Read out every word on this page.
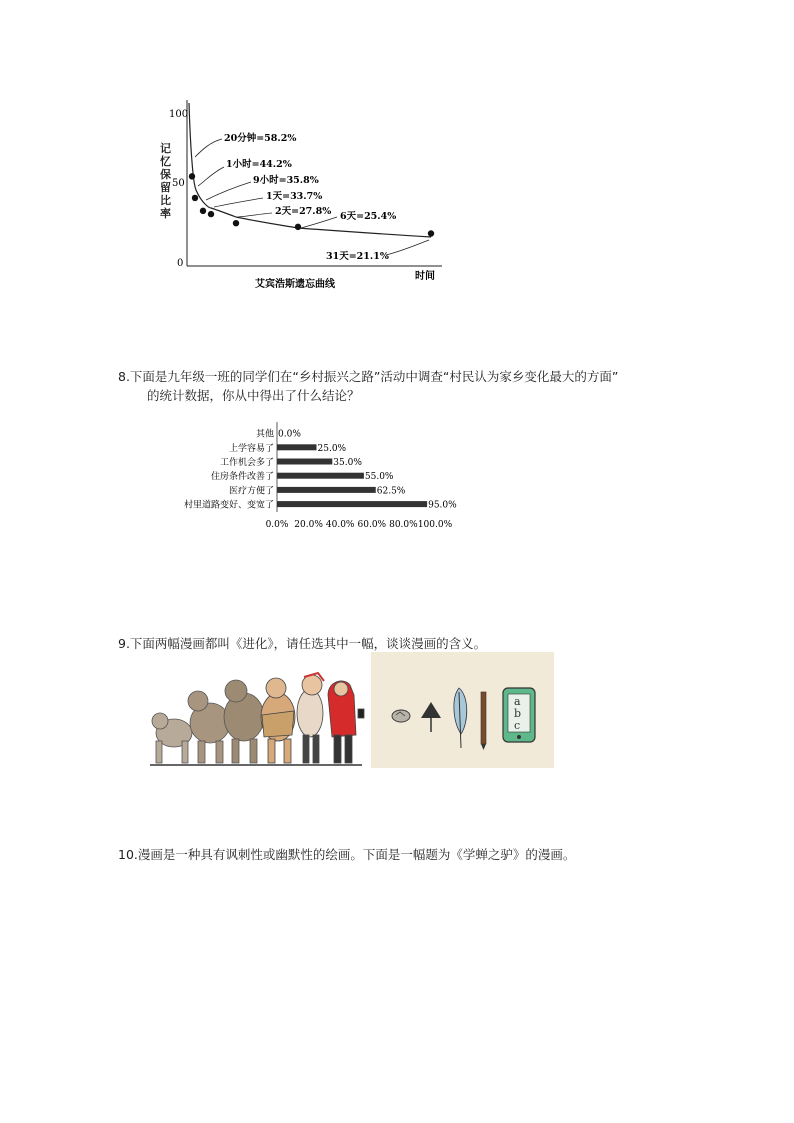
100
50
0
20分钟=58.2%
1小时=44.2%
9小时=35.8%
1天=33.7%
2天=27.8% 6天=25.4%
31天=21.1%
时间
艾宾浩斯遗忘曲线
记忆保留比率
8.下面是九年级一班的同学们在“乡村振兴之路”活动中调查“村民认为家乡变化最大的方面”
的统计数据，你从中得出了什么结论？
其他 0.0%
上学容易了	25.0%
工作机会多了	35.0%
住房条件改善了	55.0%
医疗方便了	62.5%
村里道路变好、变宽了	95.0%
0.0% 20.0% 40.0% 60.0% 80.0% 100.0%
9.下面两幅漫画都叫《进化》，请任选其中一幅，谈谈漫画的含义。
a
b
c
10.漫画是一种具有讽刺性或幽默性的绘画。下面是一幅题为《学蝉之驴》的漫画。
